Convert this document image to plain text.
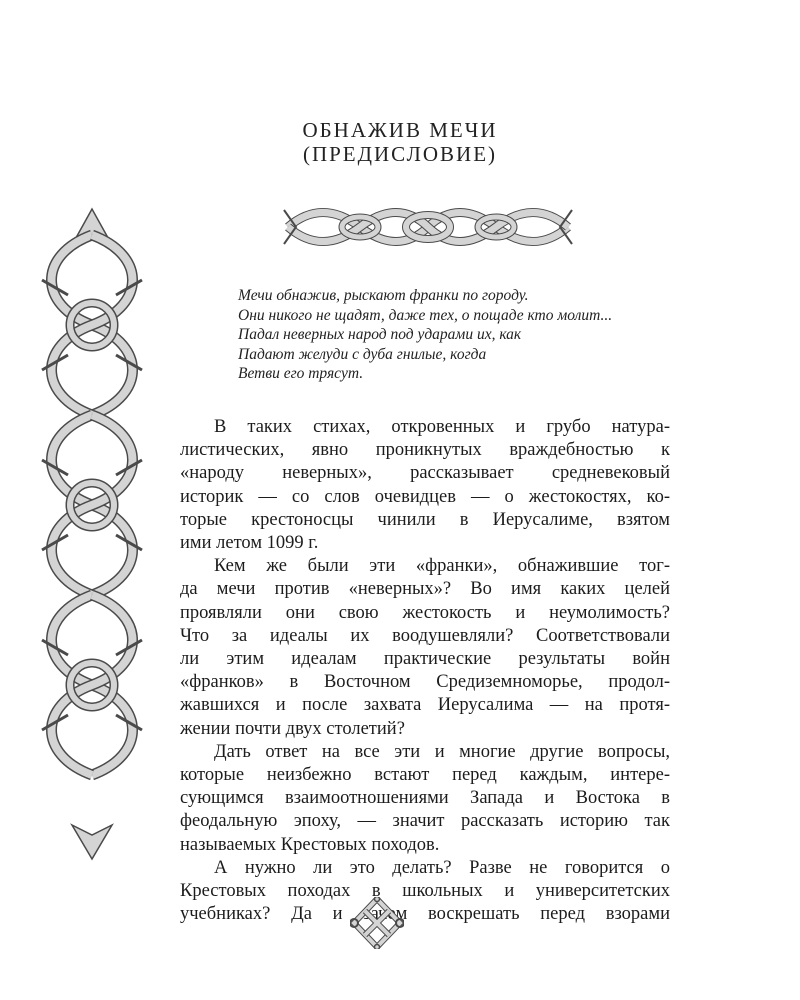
ОБНАЖИВ МЕЧИ
(ПРЕДИСЛОВИЕ)
Мечи обнажив, рыскают франки по городу.
Они никого не щадят, даже тех, о пощаде кто молит...
Падал неверных народ под ударами их, как
Падают желуди с дуба гнилые, когда
Ветви его трясут.
В таких стихах, откровенных и грубо натура-
листических, явно проникнутых враждебностью к
«народу неверных», рассказывает средневековый
историк — со слов очевидцев — о жестокостях, ко-
торые крестоносцы чинили в Иерусалиме, взятом
ими летом 1099 г.
Кем же были эти «франки», обнажившие тог-
да мечи против «неверных»? Во имя каких целей
проявляли они свою жестокость и неумолимость?
Что за идеалы их воодушевляли? Соответствовали
ли этим идеалам практические результаты войн
«франков» в Восточном Средиземноморье, продол-
жавшихся и после захвата Иерусалима — на протя-
жении почти двух столетий?
Дать ответ на все эти и многие другие вопросы,
которые неизбежно встают перед каждым, интере-
сующимся взаимоотношениями Запада и Востока в
феодальную эпоху, — значит рассказать историю так
называемых Крестовых походов.
А нужно ли это делать? Разве не говорится о
Крестовых походах в школьных и университетских
учебниках? Да и зачем воскрешать перед взорами
